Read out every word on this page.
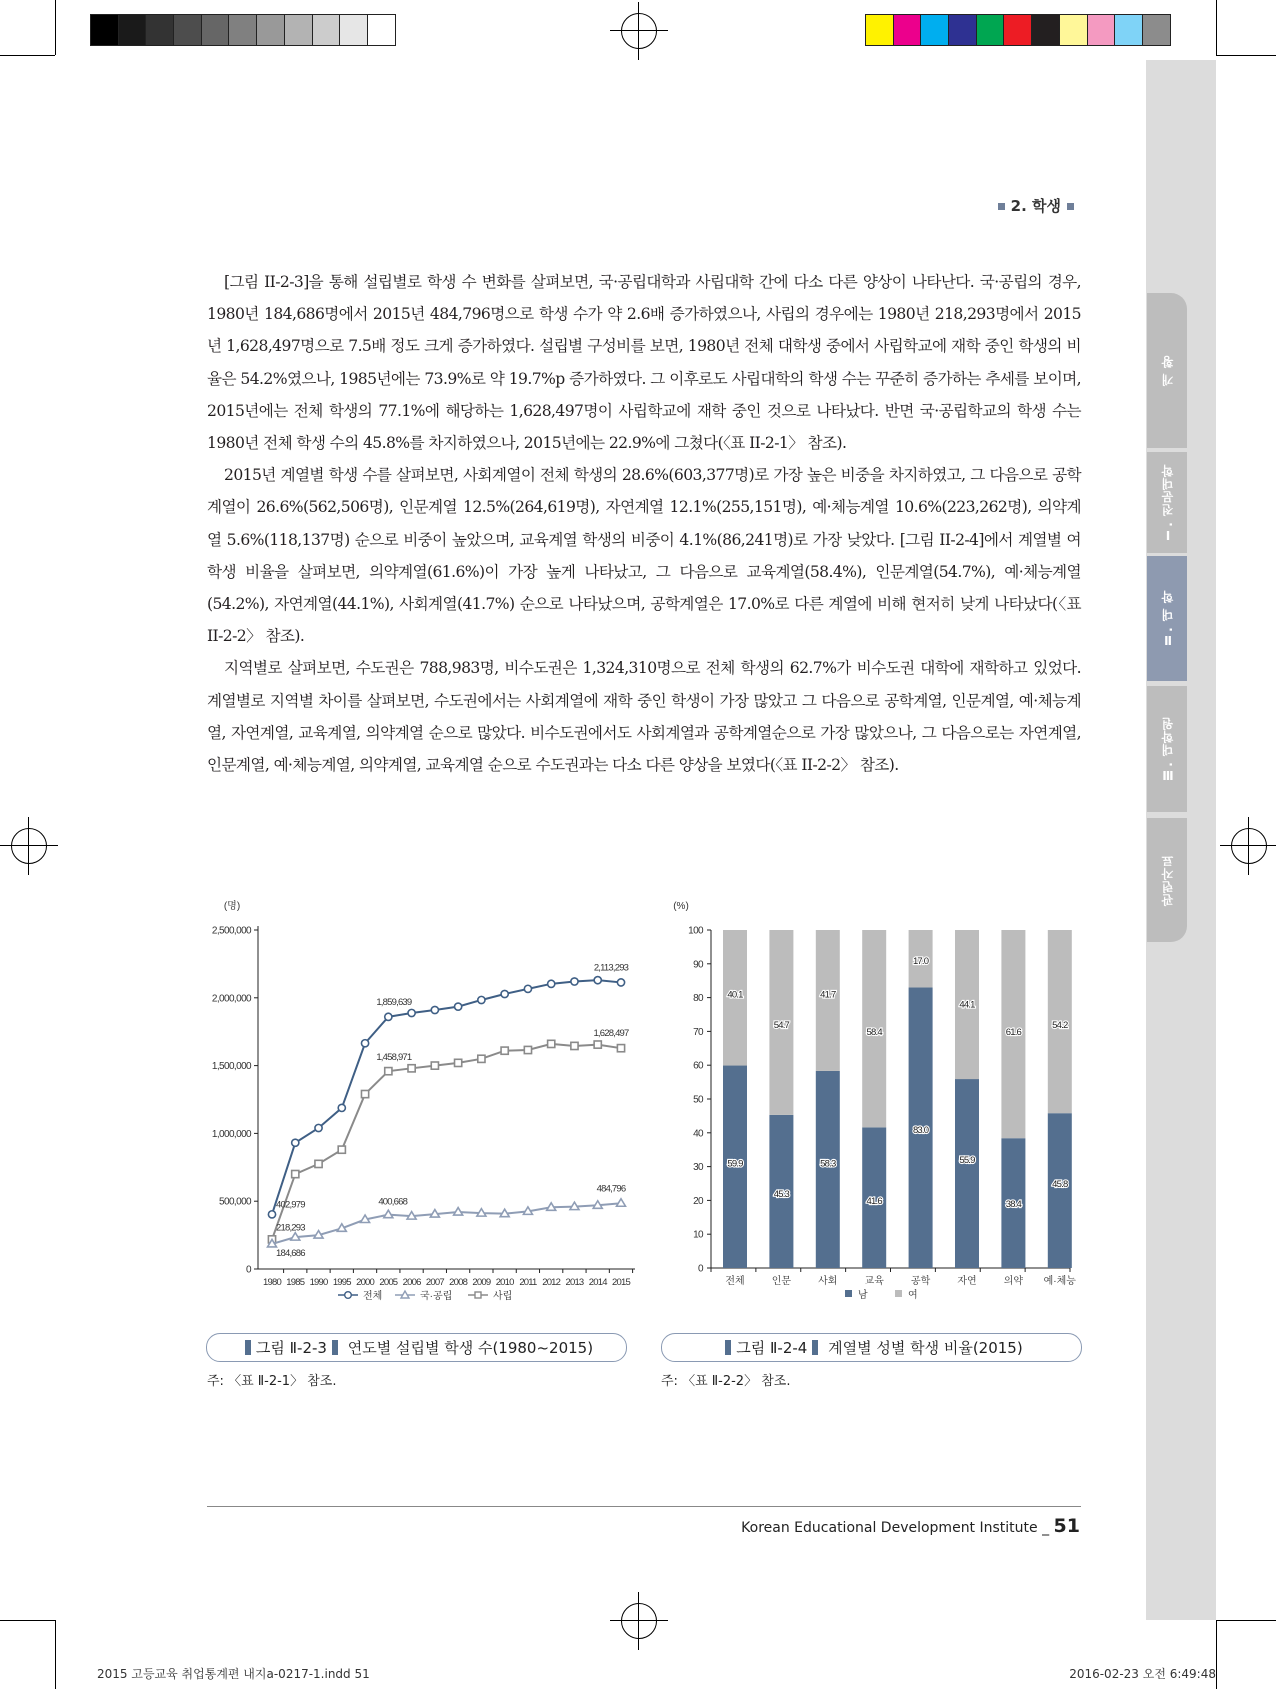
개 황
Ⅰ. 전문대학
Ⅱ. 대 학
Ⅲ. 대학원
관련자료
2. 학생

[그림 II-2-3]을 통해 설립별로 학생 수 변화를 살펴보면, 국·공립대학과 사립대학 간에 다소 다른 양상이 나타난다. 국·공립의 경우, 1980년 184,686명에서 2015년 484,796명으로 학생 수가 약 2.6배 증가하였으나, 사립의 경우에는 1980년 218,293명에서 2015년 1,628,497명으로 7.5배 정도 크게 증가하였다. 설립별 구성비를 보면, 1980년 전체 대학생 중에서 사립학교에 재학 중인 학생의 비율은 54.2%였으나, 1985년에는 73.9%로 약 19.7%p 증가하였다. 그 이후로도 사립대학의 학생 수는 꾸준히 증가하는 추세를 보이며, 2015년에는 전체 학생의 77.1%에 해당하는 1,628,497명이 사립학교에 재학 중인 것으로 나타났다. 반면 국·공립학교의 학생 수는 1980년 전체 학생 수의 45.8%를 차지하였으나, 2015년에는 22.9%에 그쳤다(〈표 II-2-1〉 참조).

2015년 계열별 학생 수를 살펴보면, 사회계열이 전체 학생의 28.6%(603,377명)로 가장 높은 비중을 차지하였고, 그 다음으로 공학계열이 26.6%(562,506명), 인문계열 12.5%(264,619명), 자연계열 12.1%(255,151명), 예·체능계열 10.6%(223,262명), 의약계열 5.6%(118,137명) 순으로 비중이 높았으며, 교육계열 학생의 비중이 4.1%(86,241명)로 가장 낮았다. [그림 II-2-4]에서 계열별 여학생 비율을 살펴보면, 의약계열(61.6%)이 가장 높게 나타났고, 그 다음으로 교육계열(58.4%), 인문계열(54.7%), 예·체능계열(54.2%), 자연계열(44.1%), 사회계열(41.7%) 순으로 나타났으며, 공학계열은 17.0%로 다른 계열에 비해 현저히 낮게 나타났다(〈표 II-2-2〉 참조).

지역별로 살펴보면, 수도권은 788,983명, 비수도권은 1,324,310명으로 전체 학생의 62.7%가 비수도권 대학에 재학하고 있었다. 계열별로 지역별 차이를 살펴보면, 수도권에서는 사회계열에 재학 중인 학생이 가장 많았고 그 다음으로 공학계열, 인문계열, 예·체능계열, 자연계열, 교육계열, 의약계열 순으로 많았다. 비수도권에서도 사회계열과 공학계열순으로 가장 많았으나, 그 다음으로는 자연계열, 인문계열, 예·체능계열, 의약계열, 교육계열 순으로 수도권과는 다소 다른 양상을 보였다(〈표 II-2-2〉 참조).

(명)
0
500,000
1,000,000
1,500,000
2,000,000
2,500,000
1980 1985 1990 1995 2000 2005 2006 2007 2008 2009 2010 2011 2012 2013 2014 2015
402,979
1,859,639
2,113,293
184,686
400,668
484,796
218,293
1,458,971
1,628,497
전체	국·공립	사립
(%)
0
10
20
30
40
50
60
70
80
90
100
59.9
40.1
전체
45.3
54.7
인문
58.3
41.7
사회
41.6
58.4
교육
83.0
17.0
공학
55.9
44.1
자연
38.4
61.6
의약
45.8
54.2
예·체능
남	여
그림 Ⅱ-2-3
연도별 설립별 학생 수(1980~2015)	그림 Ⅱ-2-4
계열별 성별 학생 비율(2015)
주: 〈표 Ⅱ-2-1〉 참조.	주: 〈표 Ⅱ-2-2〉 참조.
Korean Educational Development Institute _ 51
2015 고등교육 취업통계편 내지a-0217-1.indd 51	2016-02-23 오전 6:49:48
